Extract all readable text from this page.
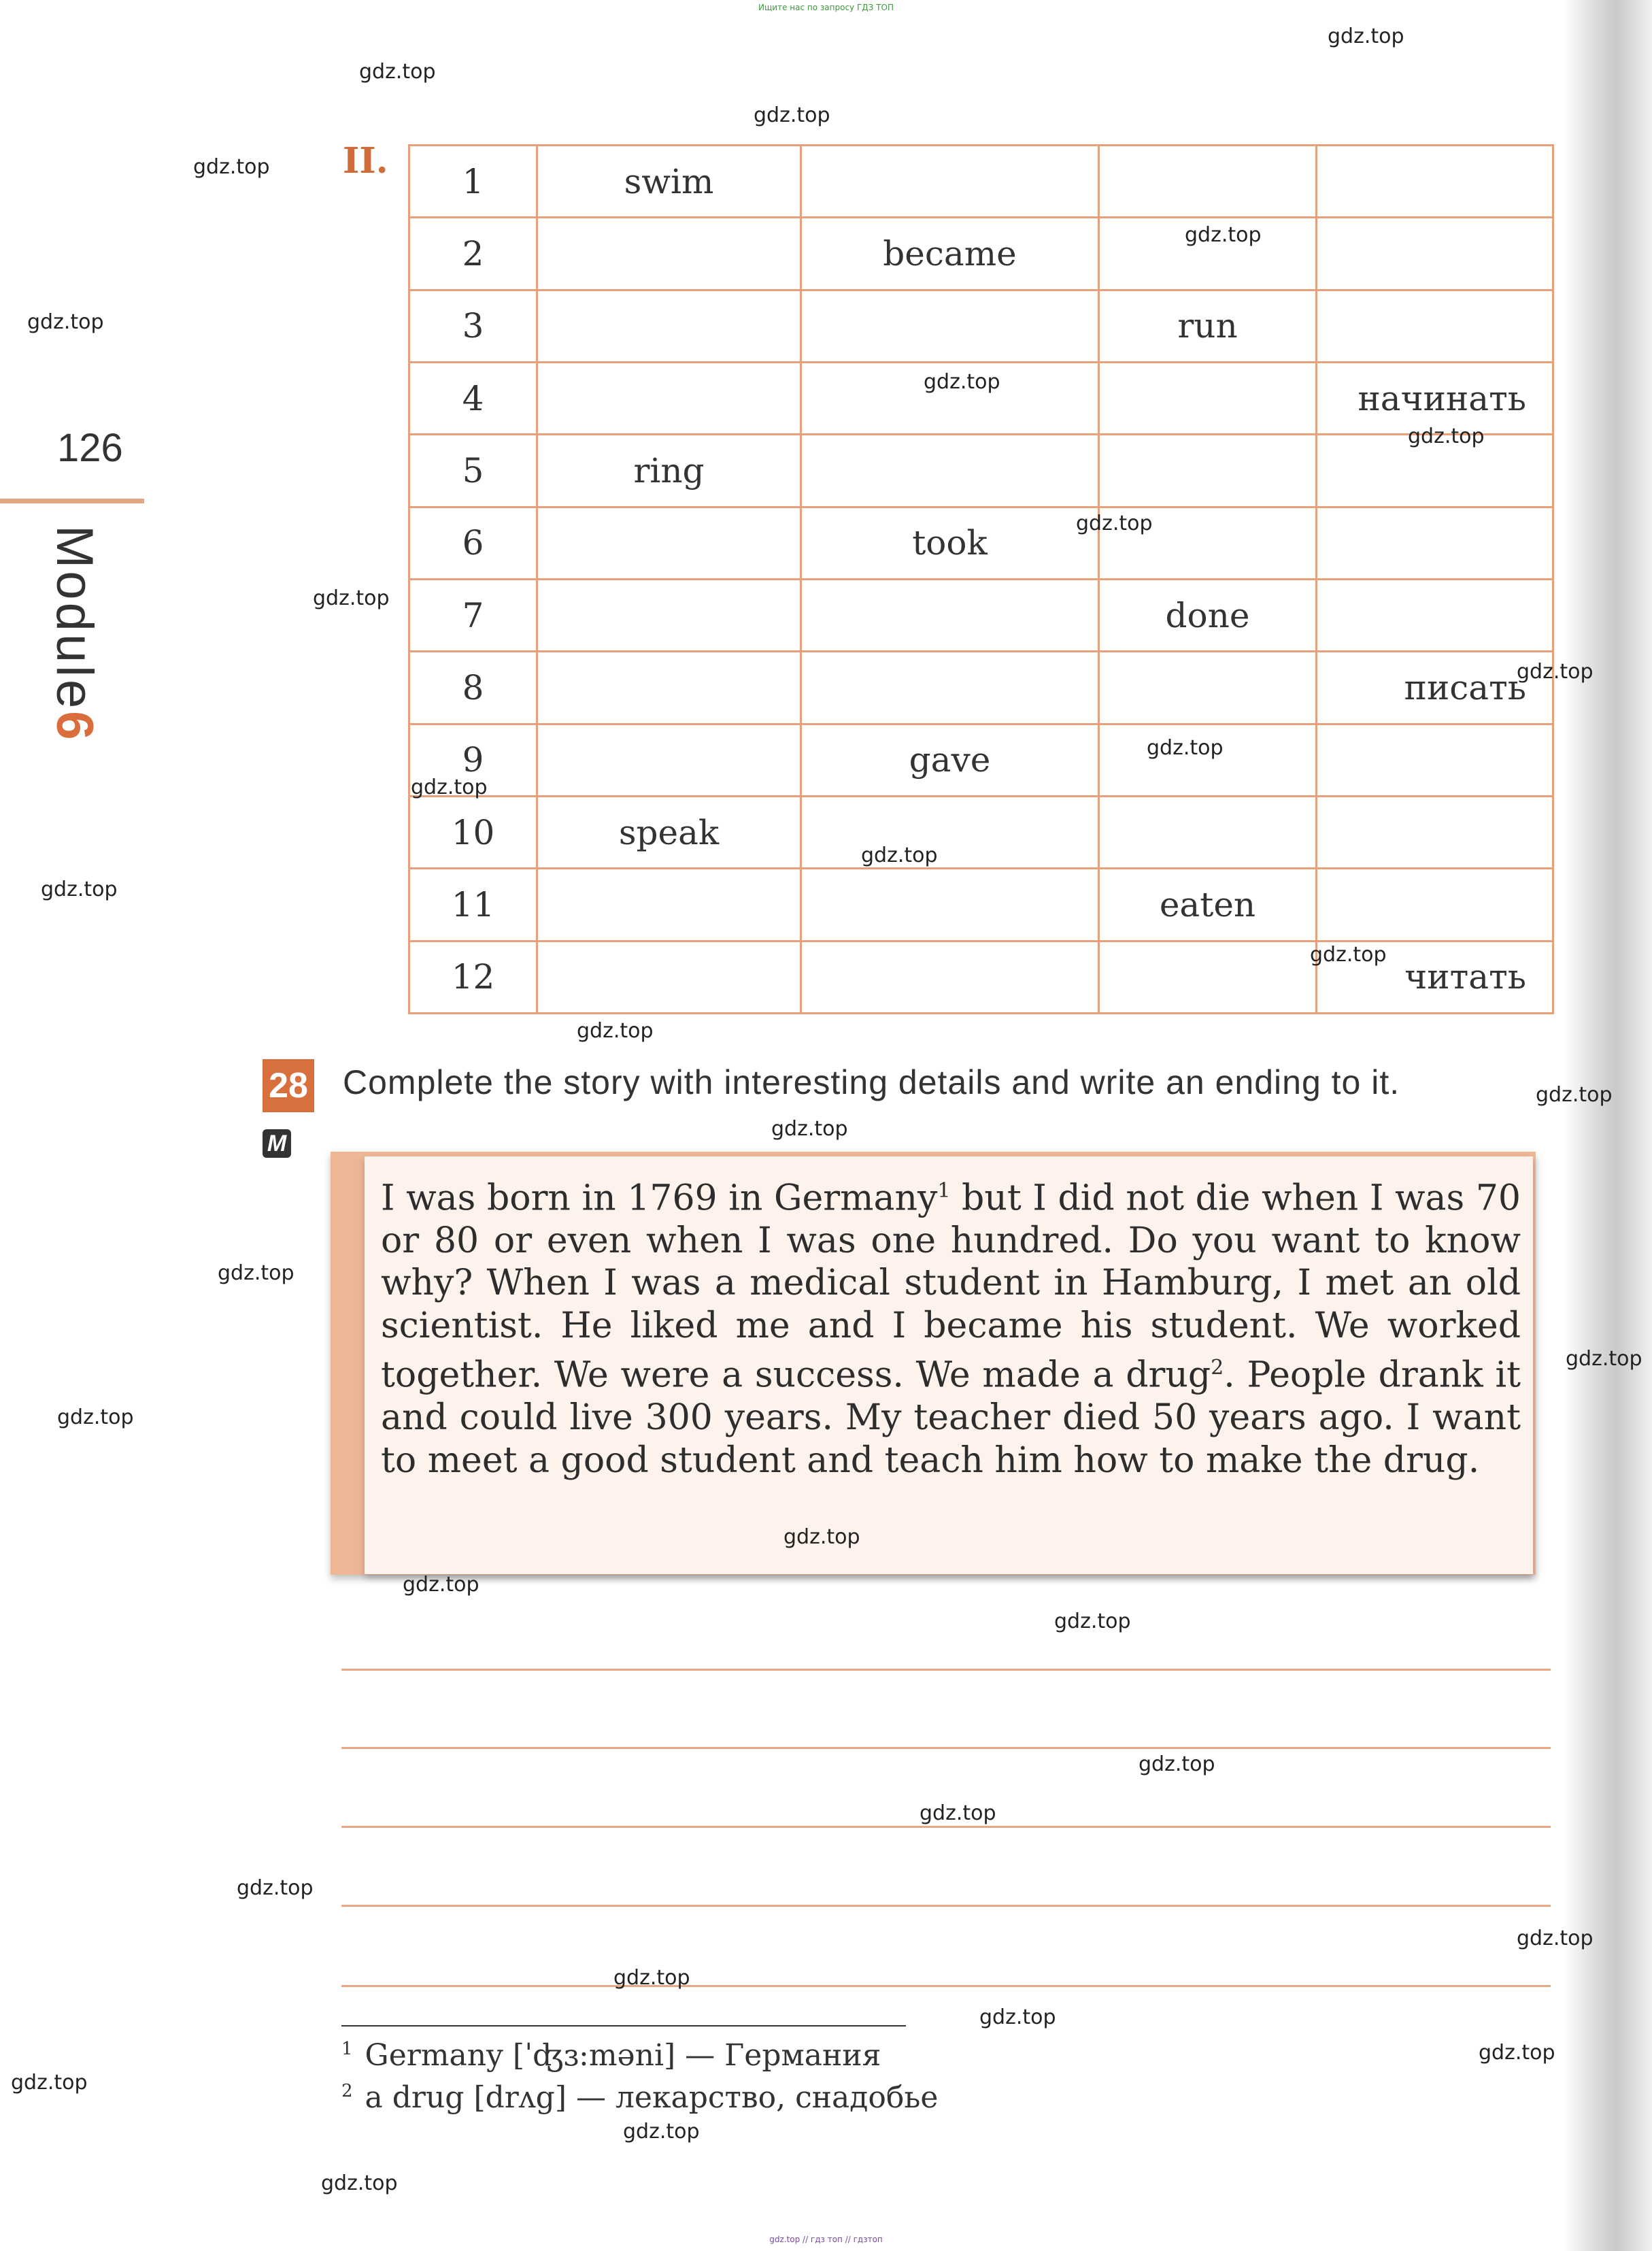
Ищите нас по запросу ГДЗ ТОП
126
Module6
II. 1	swim			
2		became		
3			run	
4				начинать
5	ring			
6		took		
7			done	
8				писать
9		gave		
10	speak			
11			eaten	
12				читать
28 Complete the story with interesting details and write an ending to it.
M
I was born in 1769 in Germany$^1$ but I did not die when I was 70 or 80 or even when I was one hundred. Do you want to know why? When I was a medical student in Hamburg, I met an old scientist. He liked me and I became his student. We worked together. We were a success. We made a drug$^2$. People drank it and could live 300 years. My teacher died 50 years ago. I want to meet a good student and teach him how to make the drug.
$^1$ Germany [ˈʤɜ:məni] — Германия
$^2$ a drug [drʌg] — лекарство, снадобье
gdz.top
gdz.top
gdz.top
gdz.top
gdz.top
gdz.top
gdz.top
gdz.top
gdz.top
gdz.top
gdz.top
gdz.top
gdz.top
gdz.top
gdz.top
gdz.top
gdz.top
gdz.top
gdz.top
gdz.top
gdz.top
gdz.top
gdz.top
gdz.top
gdz.top
gdz.top
gdz.top
gdz.top
gdz.top
gdz.top
gdz.top
gdz.top
gdz.top
gdz.top
gdz.top
gdz.top // гдз топ // гдзтоп
